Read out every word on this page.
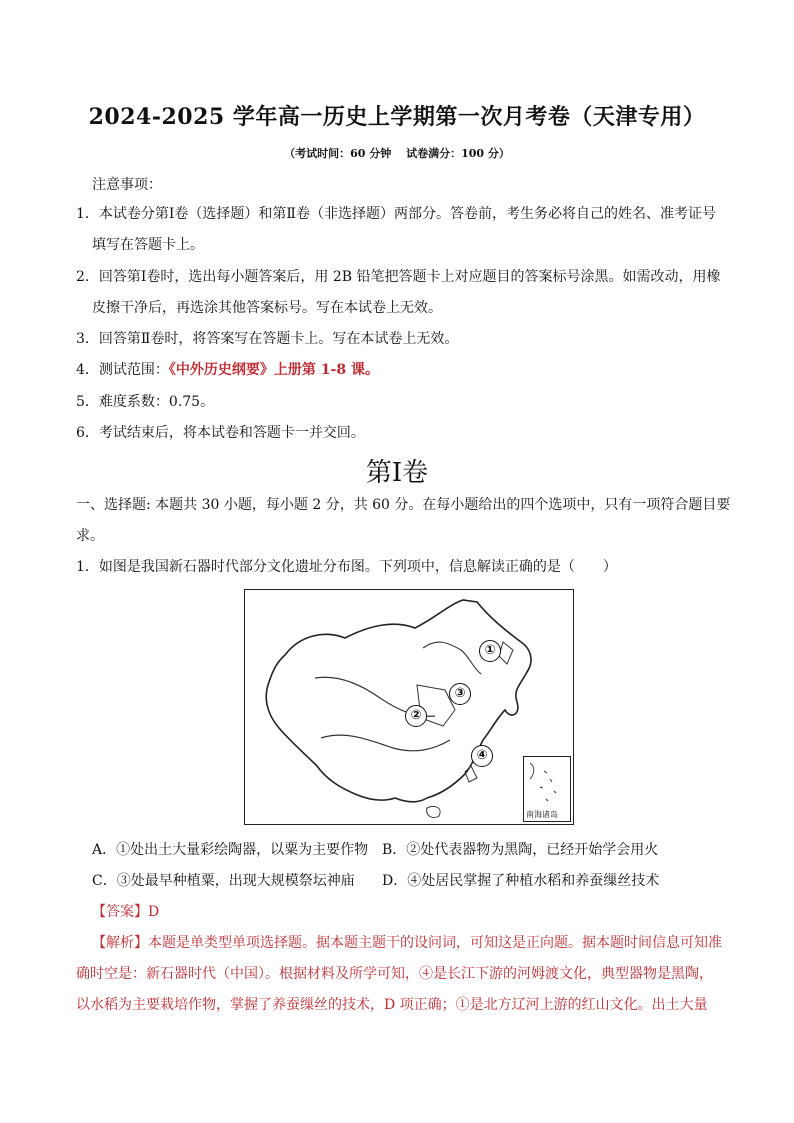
2024-2025 学年高一历史上学期第一次月考卷（天津专用）
（考试时间：60 分钟　 试卷满分：100 分）
注意事项：
1．本试卷分第Ⅰ卷（选择题）和第Ⅱ卷（非选择题）两部分。答卷前，考生务必将自己的姓名、准考证号
填写在答题卡上。
2．回答第Ⅰ卷时，选出每小题答案后，用 2B 铅笔把答题卡上对应题目的答案标号涂黑。如需改动，用橡
皮擦干净后，再选涂其他答案标号。写在本试卷上无效。
3．回答第Ⅱ卷时，将答案写在答题卡上。写在本试卷上无效。
4．测试范围：《中外历史纲要》上册第 1-8 课。
5．难度系数：0.75。
6．考试结束后，将本试卷和答题卡一并交回。
第Ⅰ卷
一、选择题: 本题共 30 小题，每小题 2 分，共 60 分。在每小题给出的四个选项中，只有一项符合题目要
求。
1．如图是我国新石器时代部分文化遗址分布图。下列项中，信息解读正确的是（　　）
①
②
③
④
南海诸岛
A．①处出土大量彩绘陶器，以粟为主要作物 B．②处代表器物为黑陶，已经开始学会用火
C．③处最早种植粟，出现大规模祭坛神庙 D．④处居民掌握了种植水稻和养蚕缫丝技术
【答案】D
【解析】本题是单类型单项选择题。据本题主题干的设问词，可知这是正向题。据本题时间信息可知准
确时空是：新石器时代（中国）。根据材料及所学可知，④是长江下游的河姆渡文化，典型器物是黑陶，
以水稻为主要栽培作物，掌握了养蚕缫丝的技术，D 项正确；①是北方辽河上游的红山文化。出土大量
